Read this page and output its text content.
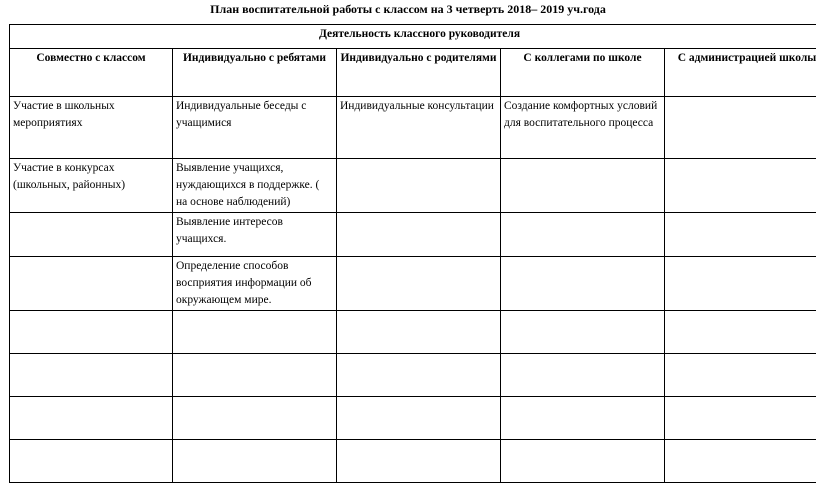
План воспитательной работы с классом на 3 четверть 2018– 2019 уч.года
Деятельность классного руководителя				
Совместно с классом	Индивидуально с ребятами	Индивидуально с родителями	С коллегами по школе	С администрацией школы
Участие в школьных мероприятиях	Индивидуальные беседы с учащимися	Индивидуальные консультации	Создание комфортных условий для воспитательного процесса	
Участие в конкурсах (школьных, районных)	Выявление учащихся, нуждающихся в поддержке. ( на основе наблюдений)			
	Выявление интересов учащихся.			
	Определение способов восприятия информации об окружающем мире.			
